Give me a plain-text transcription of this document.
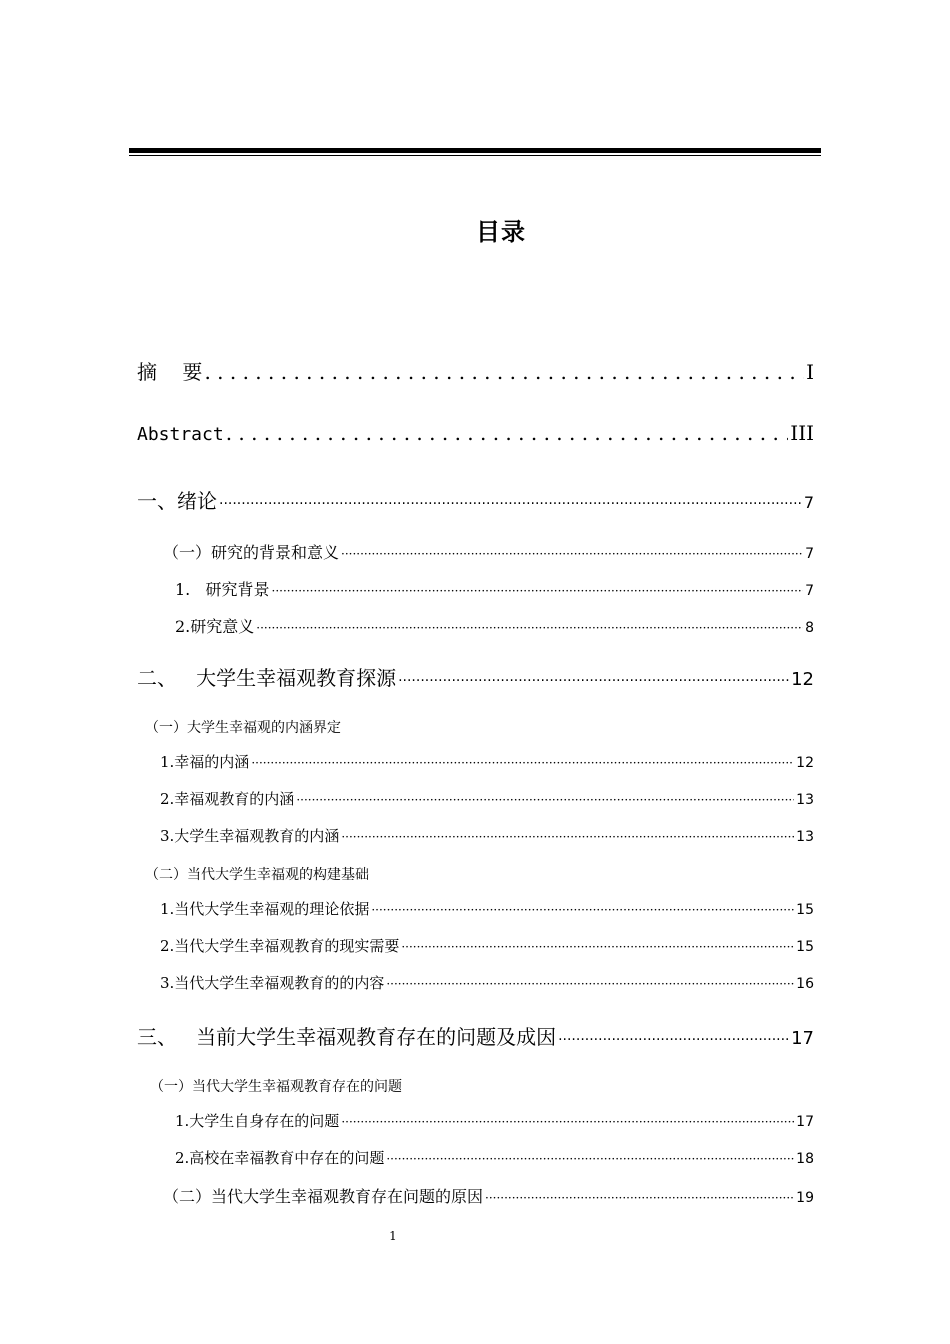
目录
摘    要 . . .	I
Abstract . . .	III
一、绪论 ·····	7
（一）研究的背景和意义 ·····	7
1.   研究背景 ·····	7
2.研究意义 ·····	8
二、   大学生幸福观教育探源 ·····	12
（一）大学生幸福观的内涵界定
1.幸福的内涵 ·····	12
2.幸福观教育的内涵 ·····	13
3.大学生幸福观教育的内涵 ·····	13
（二）当代大学生幸福观的构建基础
1.当代大学生幸福观的理论依据 ·····	15
2.当代大学生幸福观教育的现实需要 ·····	15
3.当代大学生幸福观教育的的内容 ·····	16
三、   当前大学生幸福观教育存在的问题及成因 ·····	17
（一）当代大学生幸福观教育存在的问题
1.大学生自身存在的问题 ·····	17
2.高校在幸福教育中存在的问题 ·····	18
（二）当代大学生幸福观教育存在问题的原因 ·····	19
1
